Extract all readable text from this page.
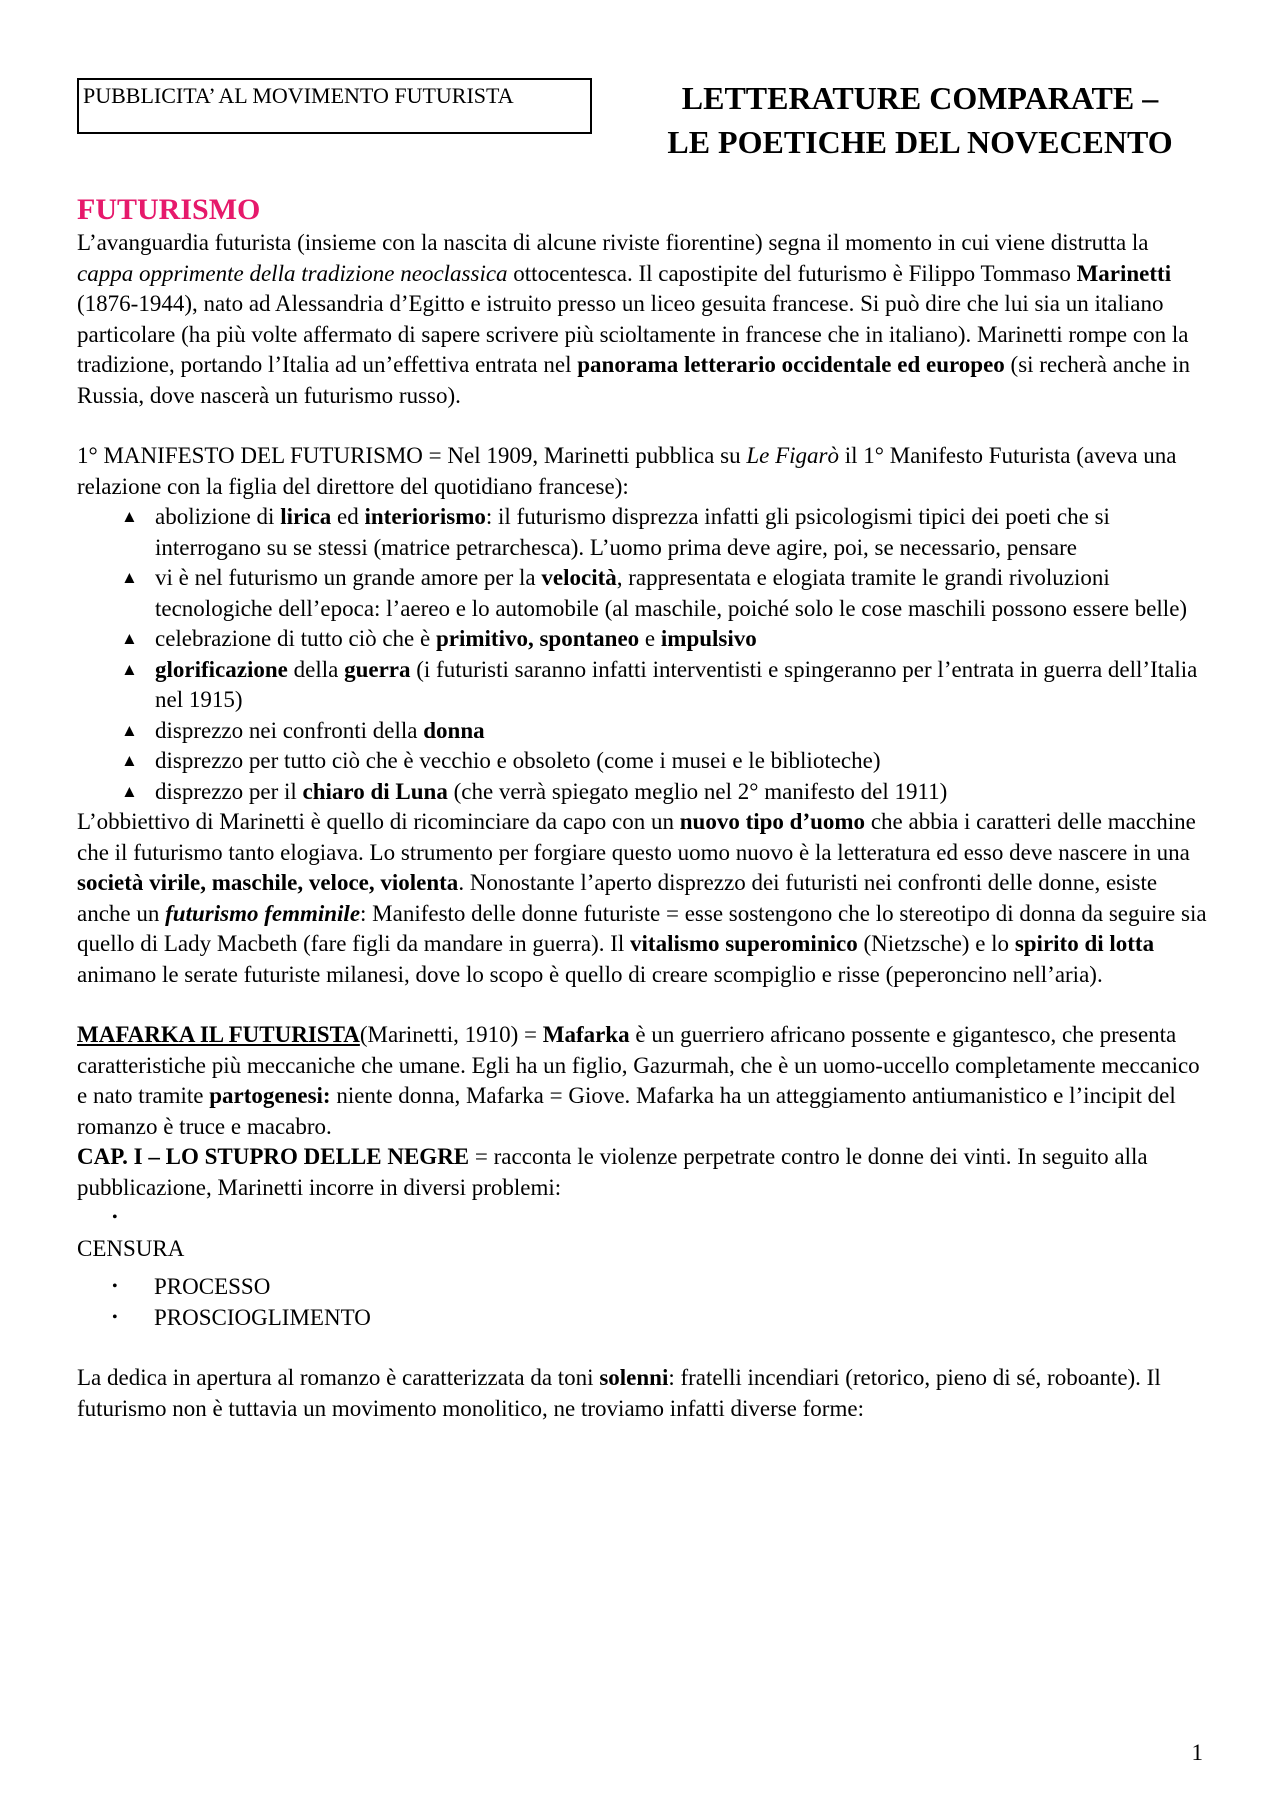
PUBBLICITA’ AL MOVIMENTO FUTURISTA	LETTERATURE COMPARATE –
LE POETICHE DEL NOVECENTO
FUTURISMO

L’avanguardia futurista (insieme con la nascita di alcune riviste fiorentine) segna il momento in cui viene distrutta la cappa opprimente della tradizione neoclassica ottocentesca. Il capostipite del futurismo è Filippo Tommaso Marinetti (1876-1944), nato ad Alessandria d’Egitto e istruito presso un liceo gesuita francese. Si può dire che lui sia un italiano particolare (ha più volte affermato di sapere scrivere più scioltamente in francese che in italiano). Marinetti rompe con la tradizione, portando l’Italia ad un’effettiva entrata nel panorama letterario occidentale ed europeo (si recherà anche in Russia, dove nascerà un futurismo russo).

1° MANIFESTO DEL FUTURISMO = Nel 1909, Marinetti pubblica su Le Figarò il 1° Manifesto Futurista (aveva una relazione con la figlia del direttore del quotidiano francese):

▲ abolizione di lirica ed interiorismo: il futurismo disprezza infatti gli psicologismi tipici dei poeti che si interrogano su se stessi (matrice petrarchesca). L’uomo prima deve agire, poi, se necessario, pensare
▲ vi è nel futurismo un grande amore per la velocità, rappresentata e elogiata tramite le grandi rivoluzioni tecnologiche dell’epoca: l’aereo e lo automobile (al maschile, poiché solo le cose maschili possono essere belle)
▲ celebrazione di tutto ciò che è primitivo, spontaneo e impulsivo
▲ glorificazione della guerra (i futuristi saranno infatti interventisti e spingeranno per l’entrata in guerra dell’Italia nel 1915)
▲ disprezzo nei confronti della donna
▲ disprezzo per tutto ciò che è vecchio e obsoleto (come i musei e le biblioteche)
▲ disprezzo per il chiaro di Luna (che verrà spiegato meglio nel 2° manifesto del 1911)

L’obbiettivo di Marinetti è quello di ricominciare da capo con un nuovo tipo d’uomo che abbia i caratteri delle macchine che il futurismo tanto elogiava. Lo strumento per forgiare questo uomo nuovo è la letteratura ed esso deve nascere in una società virile, maschile, veloce, violenta. Nonostante l’aperto disprezzo dei futuristi nei confronti delle donne, esiste anche un futurismo femminile: Manifesto delle donne futuriste = esse sostengono che lo stereotipo di donna da seguire sia quello di Lady Macbeth (fare figli da mandare in guerra). Il vitalismo superominico (Nietzsche) e lo spirito di lotta animano le serate futuriste milanesi, dove lo scopo è quello di creare scompiglio e risse (peperoncino nell’aria).

MAFARKA IL FUTURISTA(Marinetti, 1910) = Mafarka è un guerriero africano possente e gigantesco, che presenta caratteristiche più meccaniche che umane. Egli ha un figlio, Gazurmah, che è un uomo-uccello completamente meccanico e nato tramite partogenesi: niente donna, Mafarka = Giove. Mafarka ha un atteggiamento antiumanistico e l’incipit del romanzo è truce e macabro.

CAP. I – LO STUPRO DELLE NEGRE = racconta le violenze perpetrate contro le donne dei vinti. In seguito alla pubblicazione, Marinetti incorre in diversi problemi:

•

CENSURA

• PROCESSO
• PROSCIOGLIMENTO

La dedica in apertura al romanzo è caratterizzata da toni solenni: fratelli incendiari (retorico, pieno di sé, roboante). Il futurismo non è tuttavia un movimento monolitico, ne troviamo infatti diverse forme:

1
